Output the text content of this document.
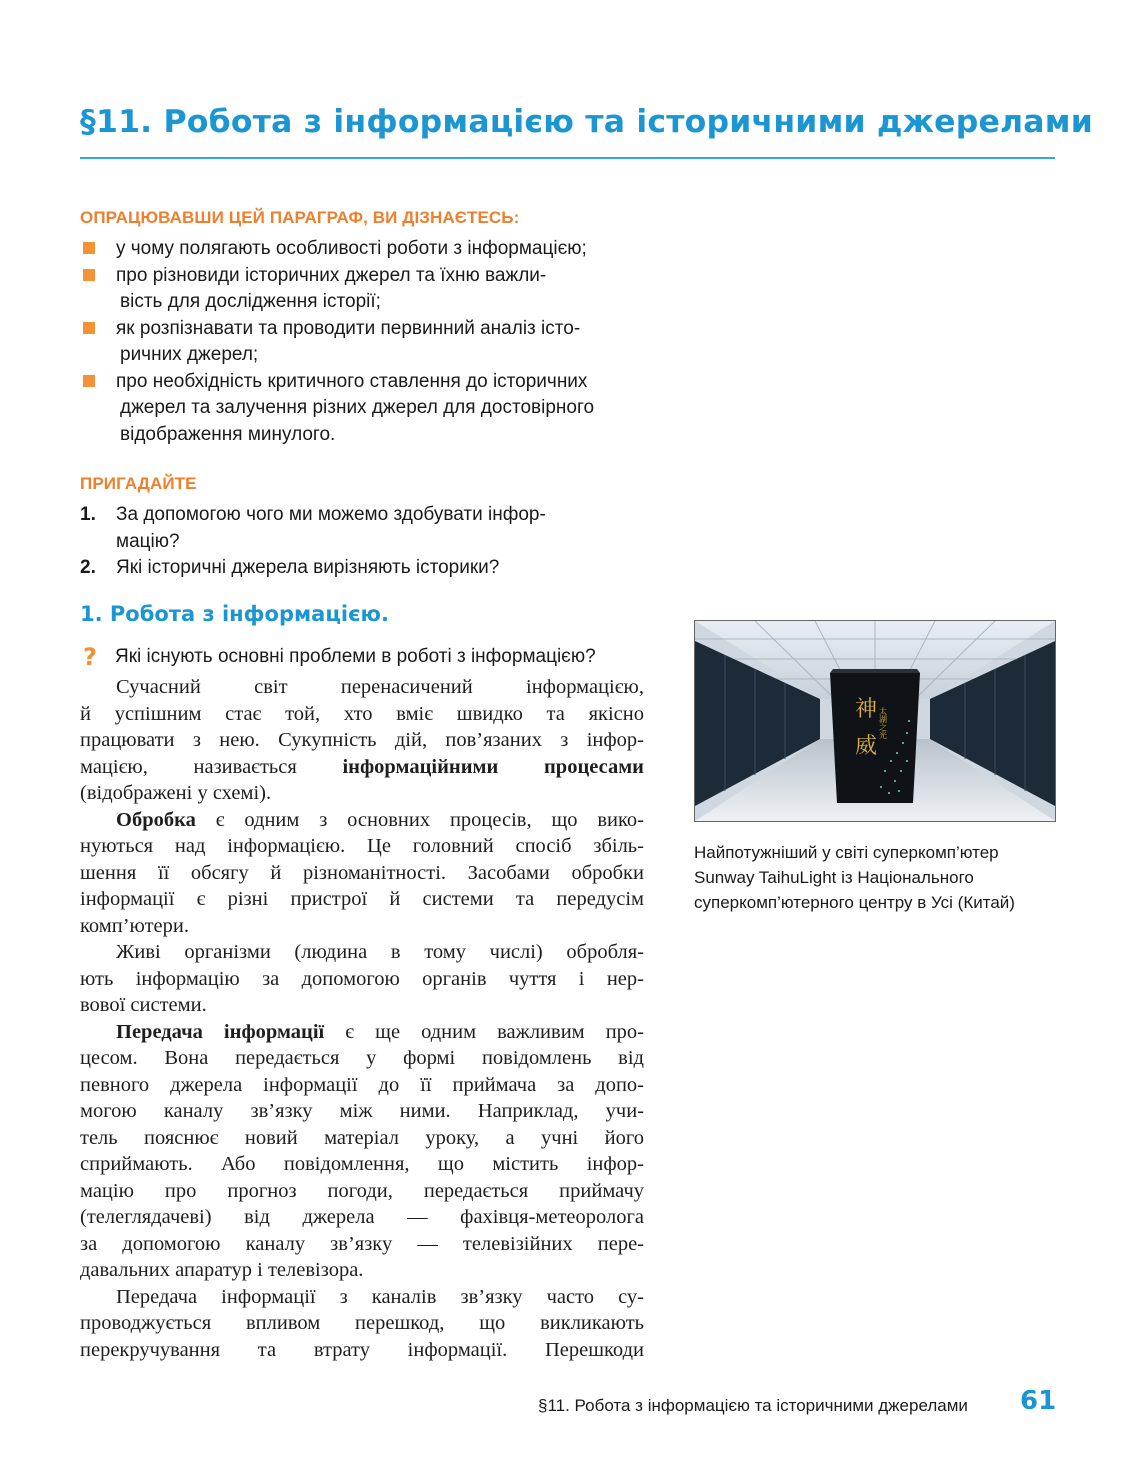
§11. Робота з інформацією та історичними джерелами
ОПРАЦЮВАВШИ ЦЕЙ ПАРАГРАФ, ВИ ДІЗНАЄТЕСЬ:
у чому полягають особливості роботи з інформацією;
про різновиди історичних джерел та їхню важли-
вість для дослідження історії;
як розпізнавати та проводити первинний аналіз істо-
ричних джерел;
про необхідність критичного ставлення до історичних
джерел та залучення різних джерел для достовірного
відображення минулого.
ПРИГАДАЙТЕ
1. За допомогою чого ми можемо здобувати інфор-
мацію?
2. Які історичні джерела вирізняють історики?
1. Робота з інформацією.
? Які існують основні проблеми в роботі з інформацією?
Сучасний світ перенасичений інформацією,
й успішним стає той, хто вміє швидко та якісно
працювати з нею. Сукупність дій, пов’язаних з інфор-
мацією, називається інформаційними процесами
(відображені у схемі).
Обробка є одним з основних процесів, що вико-
нуються над інформацією. Це головний спосіб збіль-
шення її обсягу й різноманітності. Засобами обробки
інформації є різні пристрої й системи та передусім
комп’ютери.
Живі організми (людина в тому числі) обробля-
ють інформацію за допомогою органів чуття і нер-
вової системи.
Передача інформації є ще одним важливим про-
цесом. Вона передається у формі повідомлень від
певного джерела інформації до її приймача за допо-
могою каналу зв’язку між ними. Наприклад, учи-
тель пояснює новий матеріал уроку, а учні його
сприймають. Або повідомлення, що містить інфор-
мацію про прогноз погоди, передається приймачу
(телеглядачеві) від джерела — фахівця-метеоролога
за допомогою каналу зв’язку — телевізійних пере-
давальних апаратур і телевізора.
Передача інформації з каналів зв’язку часто су-
проводжується впливом перешкод, що викликають
перекручування та втрату інформації. Перешкоди
神
威
太湖之光
Найпотужніший у світі суперкомп’ютер
Sunway TaihuLight із Національного
суперкомп’ютерного центру в Усі (Китай)
§11. Робота з інформацією та історичними джерелами 61
